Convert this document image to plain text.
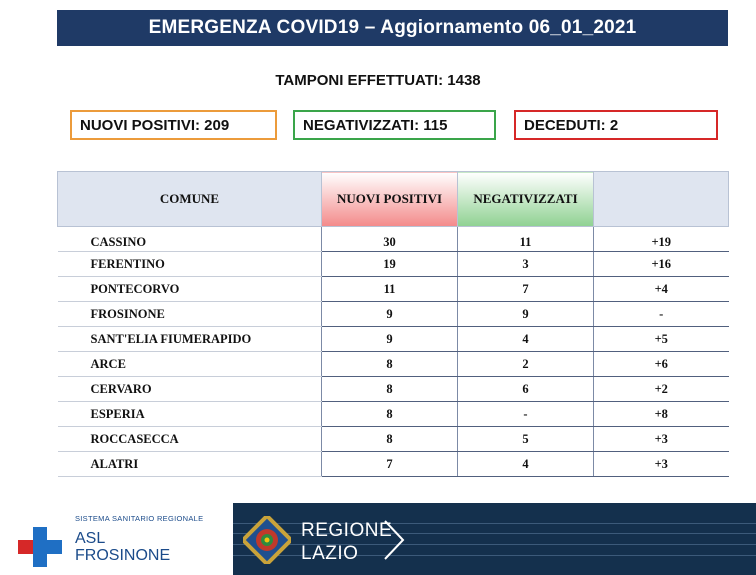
EMERGENZA COVID19 – Aggiornamento 06_01_2021
TAMPONI EFFETTUATI: 1438
NUOVI POSITIVI: 209	NEGATIVIZZATI: 115	DECEDUTI: 2
COMUNE	NUOVI POSITIVI	NEGATIVIZZATI	
CASSINO	30	11	+19
FERENTINO	19	3	+16
PONTECORVO	11	7	+4
FROSINONE	9	9	-
SANT'ELIA FIUMERAPIDO	9	4	+5
ARCE	8	2	+6
CERVARO	8	6	+2
ESPERIA	8	-	+8
ROCCASECCA	8	5	+3
ALATRI	7	4	+3
SISTEMA SANITARIO REGIONALE
ASL
FROSINONE
REGIONE
LAZIO
